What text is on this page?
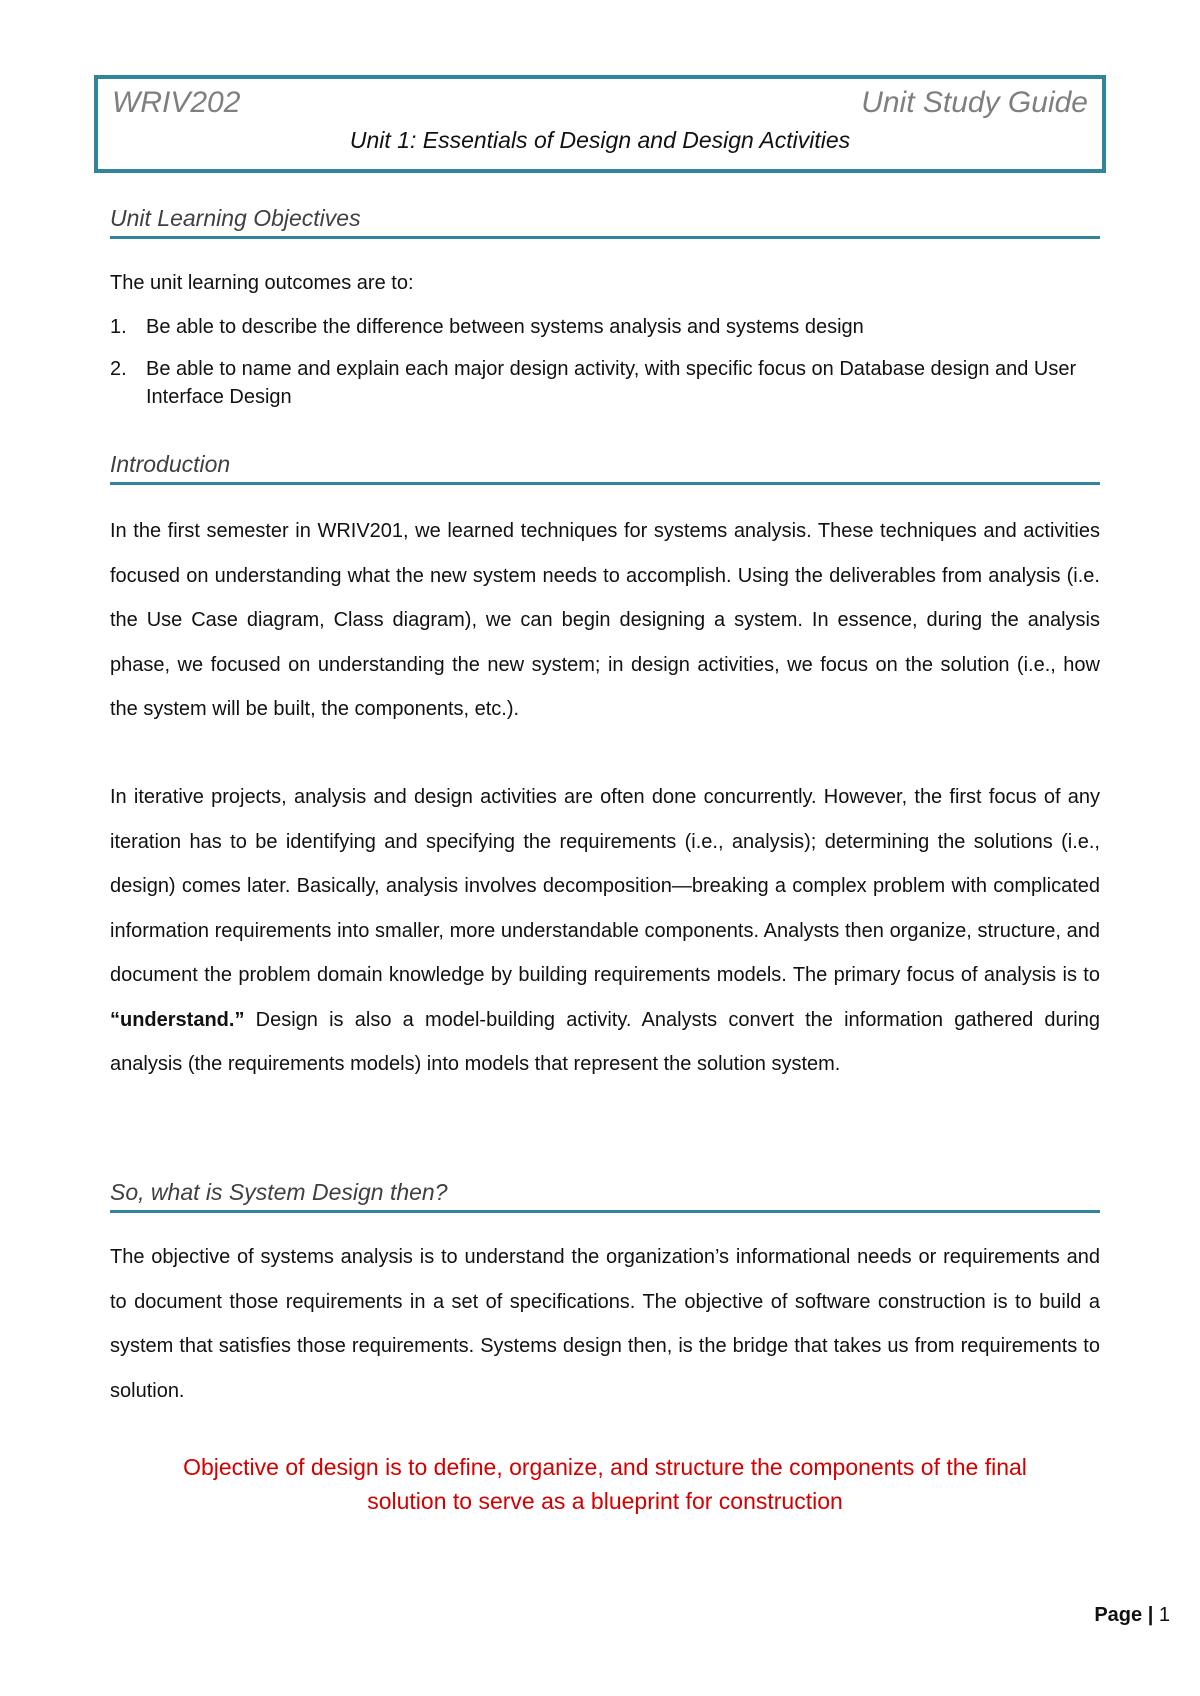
WRIV202	Unit Study Guide
Unit 1: Essentials of Design and Design Activities
Unit Learning Objectives
The unit learning outcomes are to:
1. Be able to describe the difference between systems analysis and systems design
2. Be able to name and explain each major design activity, with specific focus on Database design and User Interface Design
Introduction

In the first semester in WRIV201, we learned techniques for systems analysis. These techniques and activities focused on understanding what the new system needs to accomplish. Using the deliverables from analysis (i.e. the Use Case diagram, Class diagram), we can begin designing a system. In essence, during the analysis phase, we focused on understanding the new system; in design activities, we focus on the solution (i.e., how the system will be built, the components, etc.).

In iterative projects, analysis and design activities are often done concurrently. However, the first focus of any iteration has to be identifying and specifying the requirements (i.e., analysis); determining the solutions (i.e., design) comes later. Basically, analysis involves decomposition—breaking a complex problem with complicated information requirements into smaller, more understandable components. Analysts then organize, structure, and document the problem domain knowledge by building requirements models. The primary focus of analysis is to “understand.” Design is also a model-building activity. Analysts convert the information gathered during analysis (the requirements models) into models that represent the solution system.

So, what is System Design then?

The objective of systems analysis is to understand the organization’s informational needs or requirements and to document those requirements in a set of specifications. The objective of software construction is to build a system that satisfies those requirements. Systems design then, is the bridge that takes us from requirements to solution.

Objective of design is to define, organize, and structure the components of the final
solution to serve as a blueprint for construction
Page | 1
